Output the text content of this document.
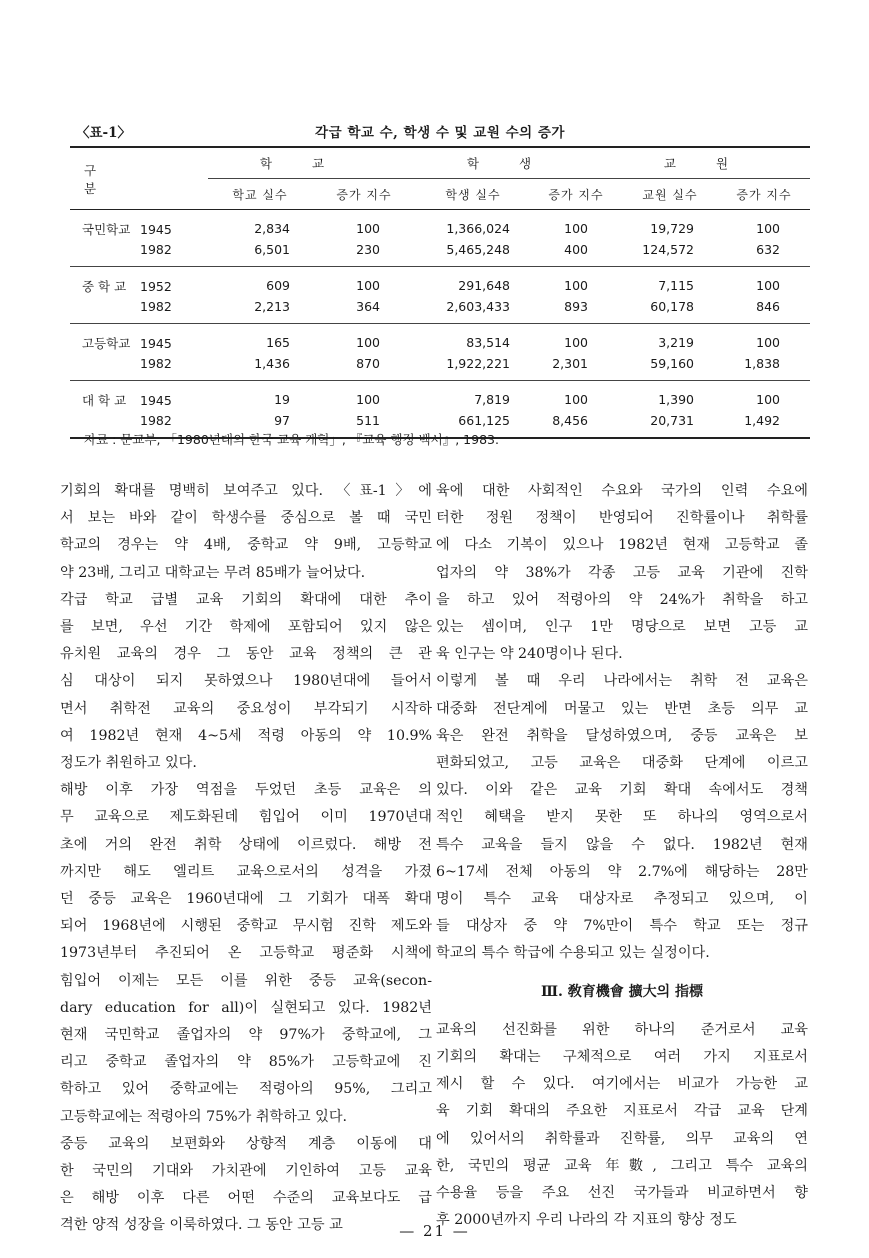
〈표-1〉	각급 학교 수, 학생 수 및 교원 수의 증가
구 분	학교		학생		교원	
	학교 실수	증가 지수	학생 실수	증가 지수	교원 실수	증가 지수
국민학교 1945	2,834	100	1,366,024	100	19,729	100
1982	6,501	230	5,465,248	400	124,572	632
중 학 교 1952	609	100	291,648	100	7,115	100
1982	2,213	364	2,603,433	893	60,178	846
고등학교 1945	165	100	83,514	100	3,219	100
1982	1,436	870	1,922,221	2,301	59,160	1,838
대 학 교 1945	19	100	7,819	100	1,390	100
1982	97	511	661,125	8,456	20,731	1,492
자료 : 문교부, 「1980년대의 한국 교육 개혁」, 『교육 행정 백서』, 1983.

기회의 확대를 명백히 보여주고 있다. 〈표-1〉에

서 보는 바와 같이 학생수를 중심으로 볼 때 국민

학교의 경우는 약 4배, 중학교 약 9배, 고등학교

약 23배, 그리고 대학교는 무려 85배가 늘어났다.

각급 학교 급별 교육 기회의 확대에 대한 추이

를 보면, 우선 기간 학제에 포함되어 있지 않은

유치원 교육의 경우 그 동안 교육 정책의 큰 관

심 대상이 되지 못하였으나 1980년대에 들어서

면서 취학전 교육의 중요성이 부각되기 시작하

여 1982년 현재 4~5세 적령 아동의 약 10.9%

정도가 취원하고 있다.

해방 이후 가장 역점을 두었던 초등 교육은 의

무 교육으로 제도화된데 힘입어 이미 1970년대

초에 거의 완전 취학 상태에 이르렀다. 해방 전

까지만 해도 엘리트 교육으로서의 성격을 가졌

던 중등 교육은 1960년대에 그 기회가 대폭 확대

되어 1968년에 시행된 중학교 무시험 진학 제도와

1973년부터 추진되어 온 고등학교 평준화 시책에

힘입어 이제는 모든 이를 위한 중등 교육(secon-

dary education for all)이 실현되고 있다. 1982년

현재 국민학교 졸업자의 약 97%가 중학교에, 그

리고 중학교 졸업자의 약 85%가 고등학교에 진

학하고 있어 중학교에는 적령아의 95%, 그리고

고등학교에는 적령아의 75%가 취학하고 있다.

중등 교육의 보편화와 상향적 계층 이동에 대

한 국민의 기대와 가치관에 기인하여 고등 교육

은 해방 이후 다른 어떤 수준의 교육보다도 급

격한 양적 성장을 이룩하였다. 그 동안 고등 교

육에 대한 사회적인 수요와 국가의 인력 수요에

터한 정원 정책이 반영되어 진학률이나 취학률

에 다소 기복이 있으나 1982년 현재 고등학교 졸

업자의 약 38%가 각종 고등 교육 기관에 진학

을 하고 있어 적령아의 약 24%가 취학을 하고

있는 셈이며, 인구 1만 명당으로 보면 고등 교

육 인구는 약 240명이나 된다.

이렇게 볼 때 우리 나라에서는 취학 전 교육은

대중화 전단계에 머물고 있는 반면 초등 의무 교

육은 완전 취학을 달성하였으며, 중등 교육은 보

편화되었고, 고등 교육은 대중화 단계에 이르고

있다. 이와 같은 교육 기회 확대 속에서도 경책

적인 혜택을 받지 못한 또 하나의 영역으로서

특수 교육을 들지 않을 수 없다. 1982년 현재

6~17세 전체 아동의 약 2.7%에 해당하는 28만

명이 특수 교육 대상자로 추정되고 있으며, 이

들 대상자 중 약 7%만이 특수 학교 또는 정규

학교의 특수 학급에 수용되고 있는 실정이다.

Ⅲ. 敎育機會 擴大의 指標

교육의 선진화를 위한 하나의 준거로서 교육

기회의 확대는 구체적으로 여러 가지 지표로서

제시 할 수 있다. 여기에서는 비교가 가능한 교

육 기회 확대의 주요한 지표로서 각급 교육 단계

에 있어서의 취학률과 진학률, 의무 교육의 연

한, 국민의 평균 교육 年數, 그리고 특수 교육의

수용율 등을 주요 선진 국가들과 비교하면서 향

후 2000년까지 우리 나라의 각 지표의 향상 정도

— 21 —
